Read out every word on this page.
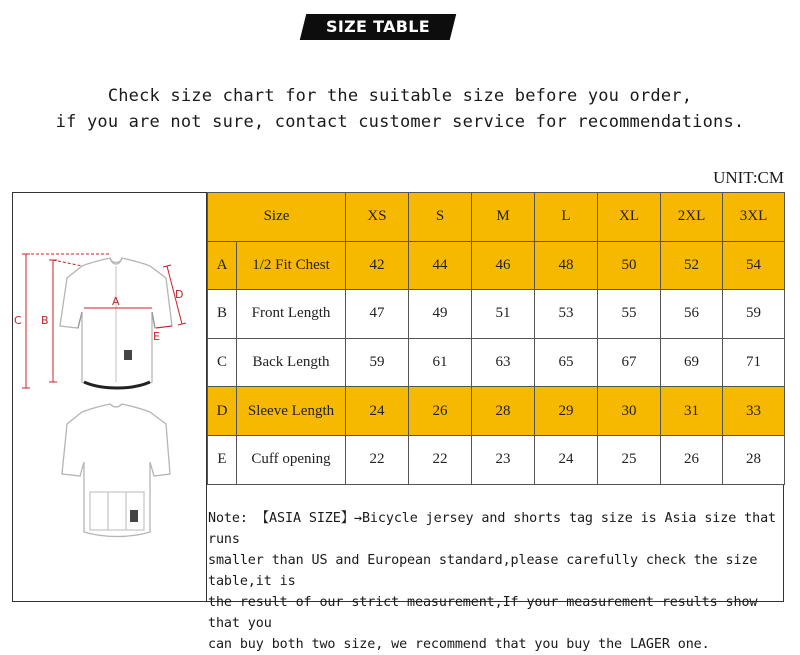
SIZE TABLE
Check size chart for the suitable size before you order,
if you are not sure, contact customer service for recommendations.
UNIT:CM
C B
A
D
E
Size		XS	S	M	L	XL	2XL	3XL
A	1/2 Fit Chest	42	44	46	48	50	52	54
B	Front Length	47	49	51	53	55	56	59
C	Back Length	59	61	63	65	67	69	71
D	Sleeve Length	24	26	28	29	30	31	33
E	Cuff opening	22	22	23	24	25	26	28
Note: 【ASIA SIZE】→Bicycle jersey and shorts tag size is Asia size that runs
smaller than US and European standard,please carefully check the size table,it is
the result of our strict measurement,If your measurement results show that you
can buy both two size, we recommend that you buy the LAGER one.
